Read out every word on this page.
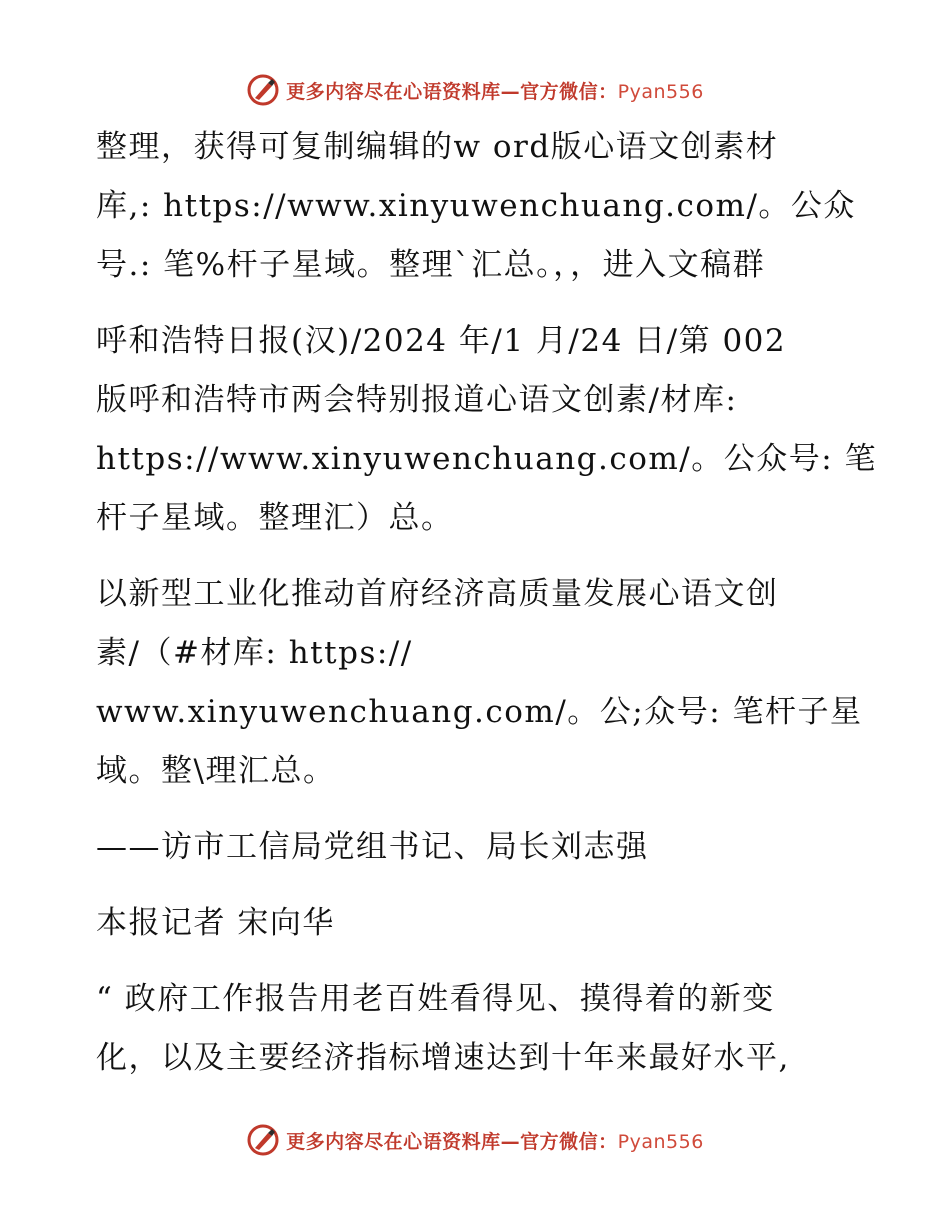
更多内容尽在心语资料库—官方微信：Pyan556

整理，获得可复制编辑的w ord版心语文创素材
库,: https://www.xinyuwenchuang.com/。公众
号.: 笔%杆子星域。整理`汇总。，，进入文稿群

呼和浩特日报(汉)/2024 年/1 月/24 日/第 002
版呼和浩特市两会特别报道心语文创素/材库:
https://www.xinyuwenchuang.com/。公众号: 笔
杆子星域。整理汇）总。

以新型工业化推动首府经济高质量发展心语文创
素/（#材库: https://
www.xinyuwenchuang.com/。公;众号: 笔杆子星
域。整\理汇总。

——访市工信局党组书记、局长刘志强

本报记者 宋向华

“ 政府工作报告用老百姓看得见、摸得着的新变
化，以及主要经济指标增速达到十年来最好水平,

更多内容尽在心语资料库—官方微信：Pyan556
